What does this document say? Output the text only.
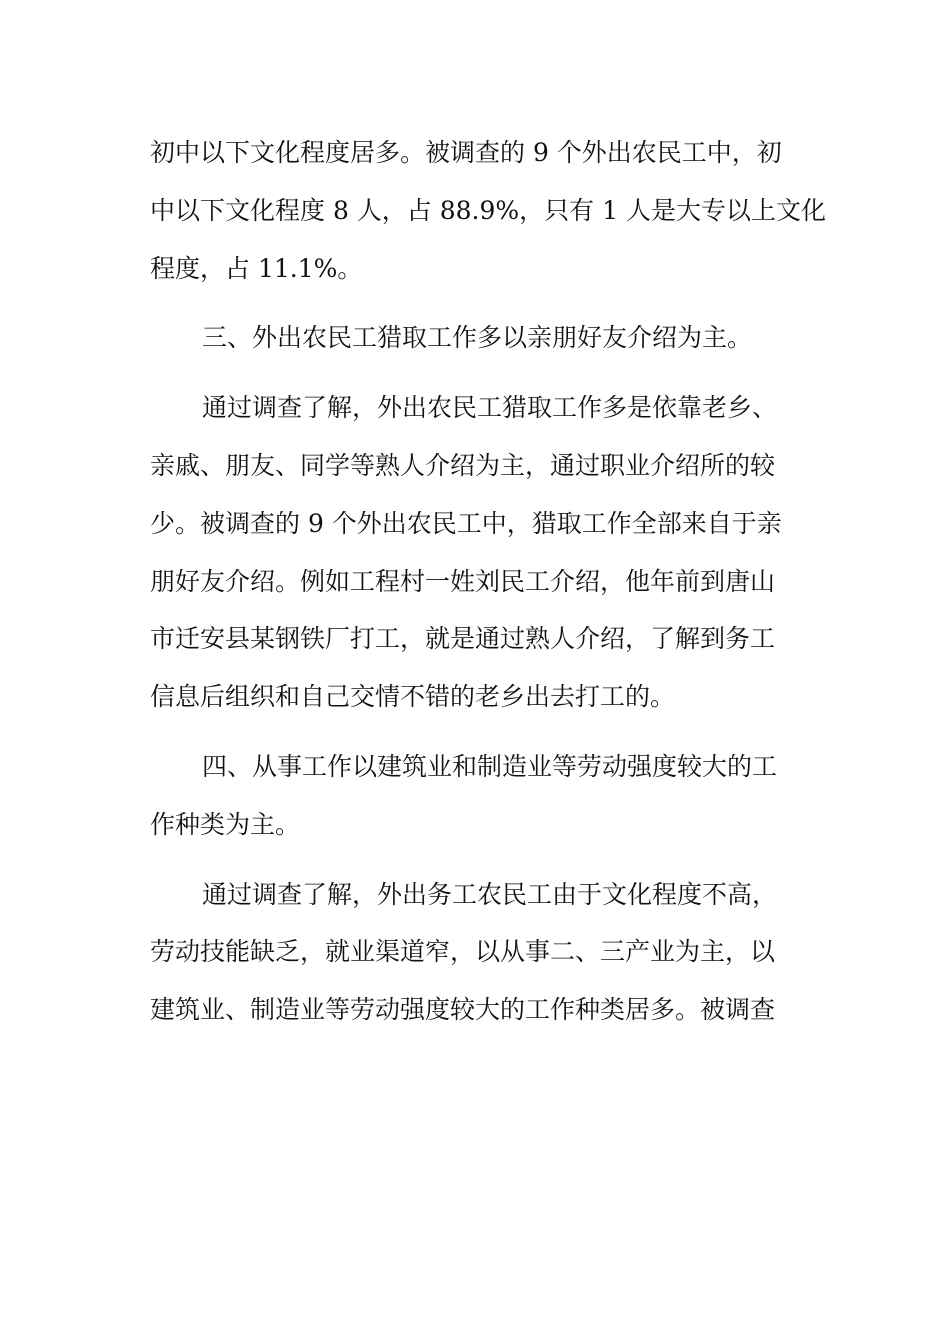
初中以下文化程度居多。被调查的 9 个外出农民工中，初
中以下文化程度 8 人，占 88.9%，只有 1 人是大专以上文化
程度，占 11.1%。
三、外出农民工猎取工作多以亲朋好友介绍为主。
通过调查了解，外出农民工猎取工作多是依靠老乡、
亲戚、朋友、同学等熟人介绍为主，通过职业介绍所的较
少。被调查的 9 个外出农民工中，猎取工作全部来自于亲
朋好友介绍。例如工程村一姓刘民工介绍，他年前到唐山
市迁安县某钢铁厂打工，就是通过熟人介绍，了解到务工
信息后组织和自己交情不错的老乡出去打工的。
四、从事工作以建筑业和制造业等劳动强度较大的工
作种类为主。
通过调查了解，外出务工农民工由于文化程度不高，
劳动技能缺乏，就业渠道窄，以从事二、三产业为主，以
建筑业、制造业等劳动强度较大的工作种类居多。被调查
